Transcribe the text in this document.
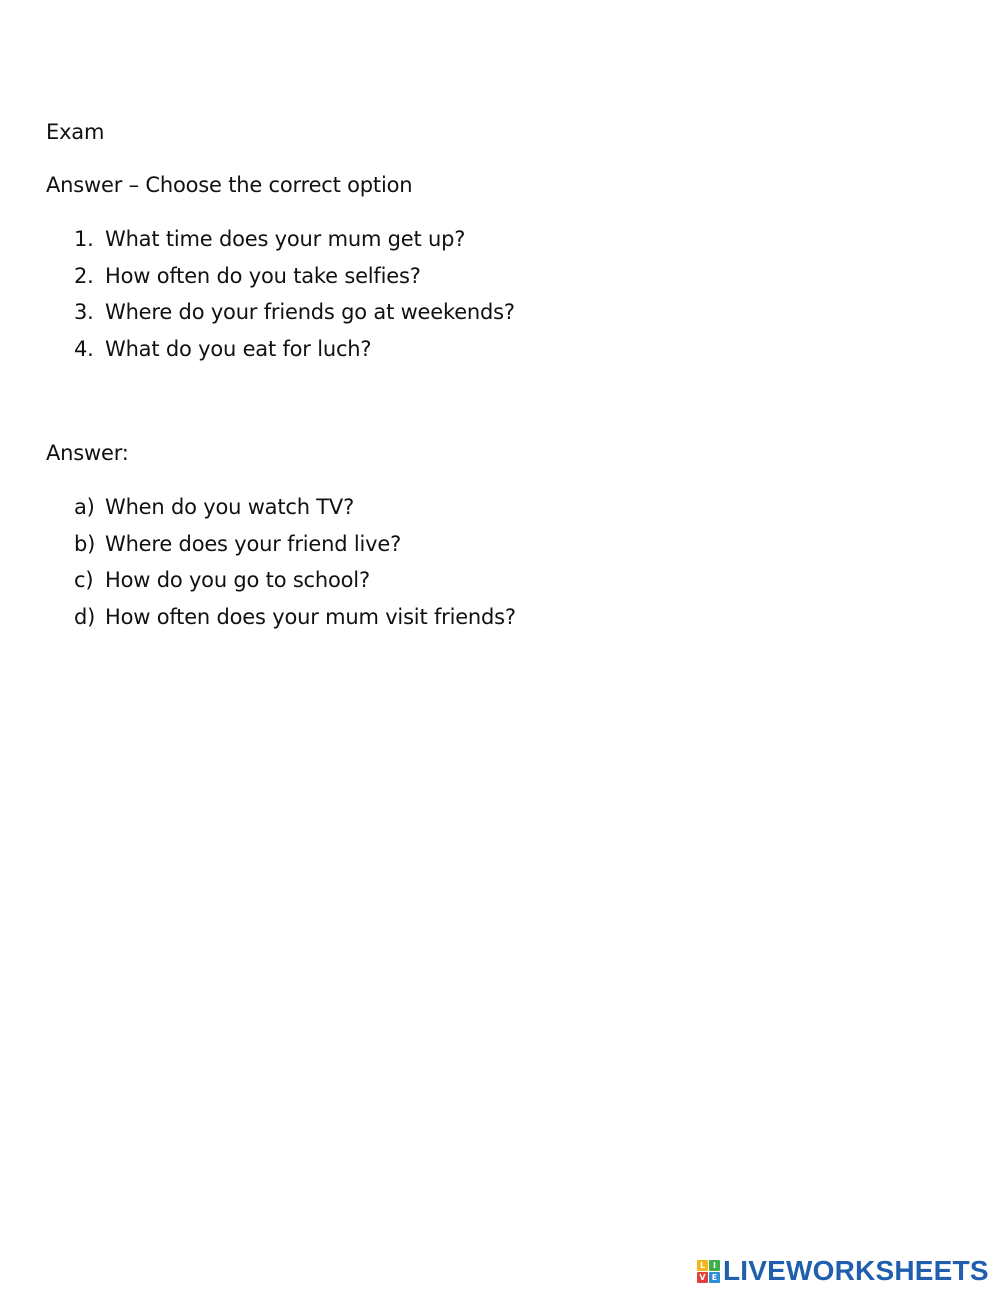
Exam
Answer – Choose the correct option
1. What time does your mum get up?
2. How often do you take selfies?
3. Where do your friends go at weekends?
4. What do you eat for luch?
Answer:
a) When do you watch TV?
b) Where does your friend live?
c) How do you go to school?
d) How often does your mum visit friends?
L I
V E LIVEWORKSHEETS
